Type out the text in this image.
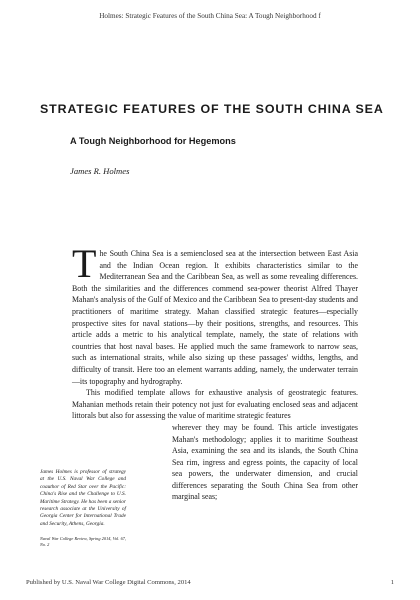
Holmes: Strategic Features of the South China Sea: A Tough Neighborhood f
STRATEGIC FEATURES OF THE SOUTH CHINA SEA
A Tough Neighborhood for Hegemons

James R. Holmes

The South China Sea is a semienclosed sea at the intersection between East Asia and the Indian Ocean region. It exhibits characteristics similar to the Mediterranean Sea and the Caribbean Sea, as well as some revealing differences. Both the similarities and the differences commend sea-power theorist Alfred Thayer Mahan's analysis of the Gulf of Mexico and the Caribbean Sea to present-day students and practitioners of maritime strategy. Mahan classified strategic features—especially prospective sites for naval stations—by their positions, strengths, and resources. This article adds a metric to his analytical template, namely, the state of relations with countries that host naval bases. He applied much the same framework to narrow seas, such as international straits, while also sizing up these passages' widths, lengths, and difficulty of transit. Here too an element warrants adding, namely, the underwater terrain—its topography and hydrography.

This modified template allows for exhaustive analysis of geostrategic features. Mahanian methods retain their potency not just for evaluating enclosed seas and adjacent littorals but also for assessing the value of maritime strategic features

wherever they may be found. This article investigates Mahan's methodology; applies it to maritime Southeast Asia, examining the sea and its islands, the South China Sea rim, ingress and egress points, the capacity of local sea powers, the underwater dimension, and crucial differences separating the South China Sea from other marginal seas;

James Holmes is professor of strategy at the U.S. Naval War College and coauthor of Red Star over the Pacific: China's Rise and the Challenge to U.S. Maritime Strategy. He has been a senior research associate at the University of Georgia Center for International Trade and Security, Athens, Georgia.

Naval War College Review, Spring 2014, Vol. 67, No. 2

Published by U.S. Naval War College Digital Commons, 2014	1
